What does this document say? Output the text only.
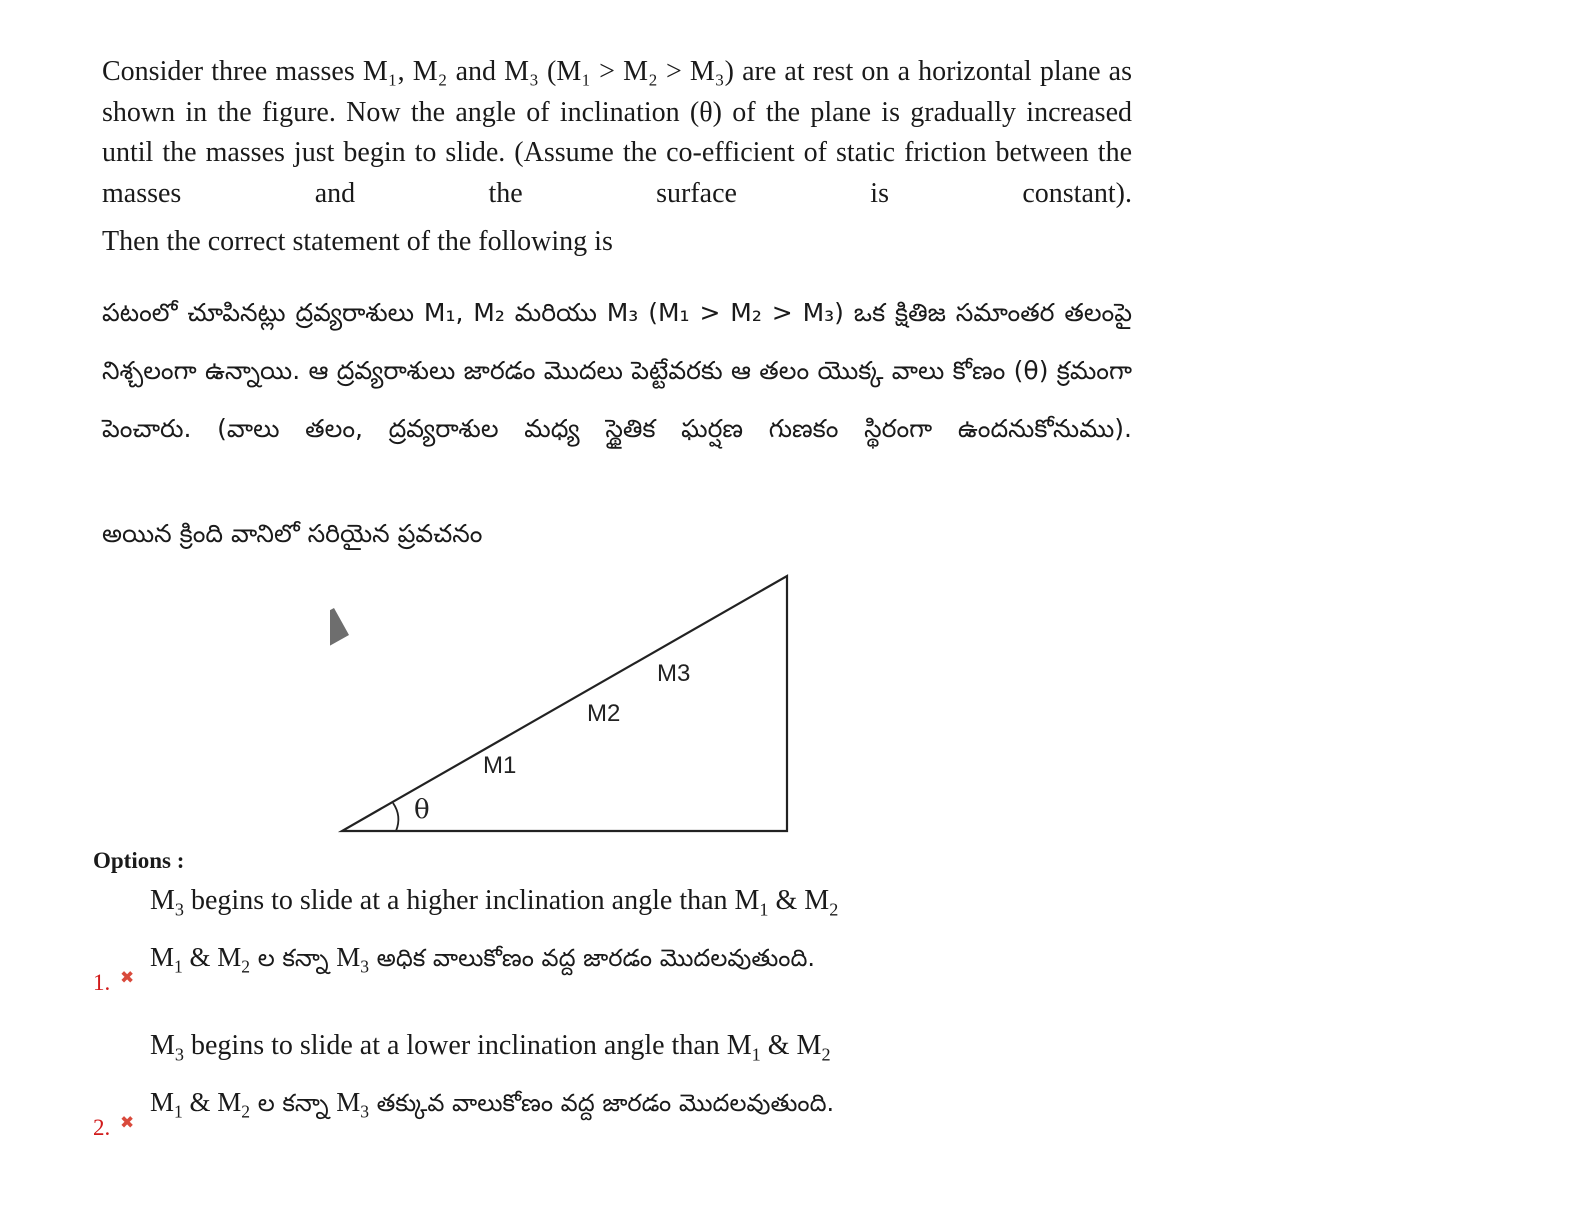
Consider three masses M₁, M₂ and M₃ (M₁ > M₂ > M₃) are at rest on a horizontal plane as shown in the figure. Now the angle of inclination (θ) of the plane is gradually increased until the masses just begin to slide. (Assume the co-efficient of static friction between the masses and the surface is constant).
Then the correct statement of the following is
పటంలో చూపినట్లు ద్రవ్యరాశులు M₁, M₂ మరియు M₃ (M₁ > M₂ > M₃) ఒక క్షితిజ సమాంతర తలంపై నిశ్చలంగా ఉన్నాయి. ఆ ద్రవ్యరాశులు జారడం మొదలు పెట్టేవరకు ఆ తలం యొక్క వాలు కోణం (θ) క్రమంగా పెంచారు. (వాలు తలం, ద్రవ్యరాశుల మధ్య స్థైతిక ఘర్షణ గుణకం స్థిరంగా ఉందనుకోనుము).
అయిన క్రింది వానిలో సరియైన ప్రవచనం
θ
M1
M2
M3
Options :
$M_3$ begins to slide at a higher inclination angle than $M_1$ & $M_2$
$M_1$ & $M_2$ ల కన్నా $M_3$ అధిక వాలుకోణం వద్ద జారడం మొదలవుతుంది.
1. ✖
$M_3$ begins to slide at a lower inclination angle than $M_1$ & $M_2$
$M_1$ & $M_2$ ల కన్నా $M_3$ తక్కువ వాలుకోణం వద్ద జారడం మొదలవుతుంది.
2. ✖
